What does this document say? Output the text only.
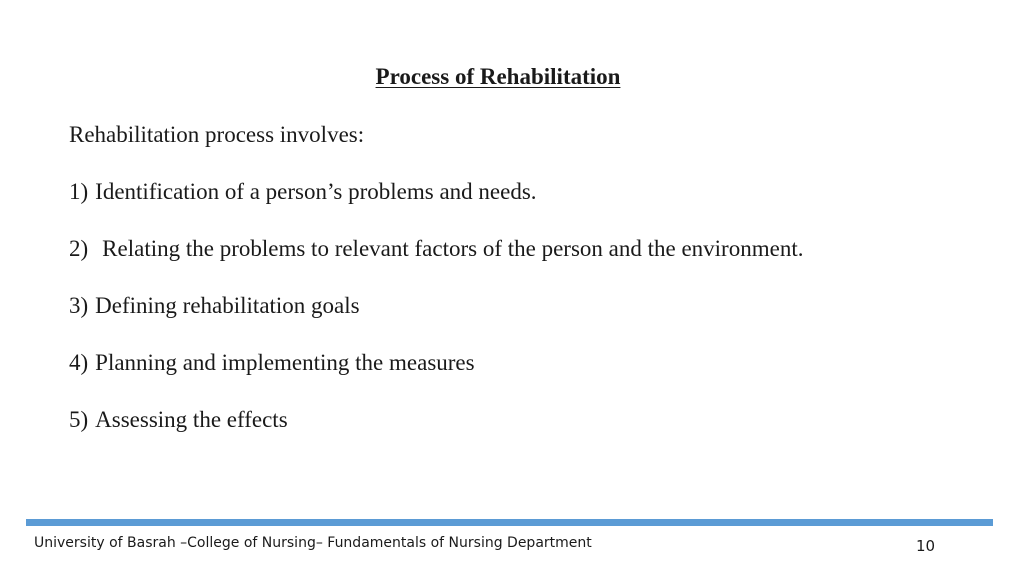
Process of Rehabilitation
Rehabilitation process involves:
1) Identification of a person’s problems and needs.
2) Relating the problems to relevant factors of the person and the environment.
3) Defining rehabilitation goals
4) Planning and implementing the measures
5) Assessing the effects
University of Basrah –College of Nursing– Fundamentals of Nursing Department	10
